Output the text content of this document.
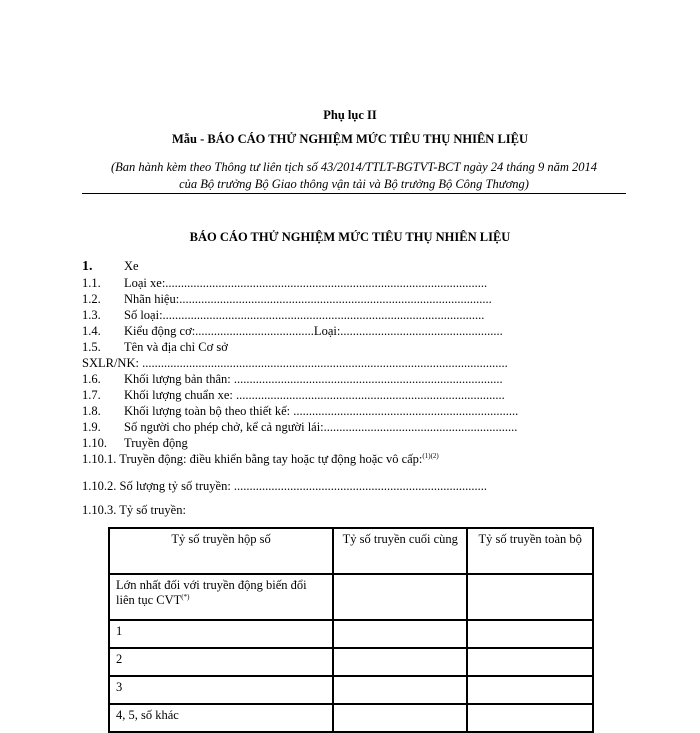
Phụ lục II
Mẫu - BÁO CÁO THỬ NGHIỆM MỨC TIÊU THỤ NHIÊN LIỆU
(Ban hành kèm theo Thông tư liên tịch số 43/2014/TTLT-BGTVT-BCT ngày 24 tháng 9 năm 2014
của Bộ trưởng Bộ Giao thông vận tải và Bộ trưởng Bộ Công Thương)
BÁO CÁO THỬ NGHIỆM MỨC TIÊU THỤ NHIÊN LIỆU
1.	Xe
1.1. Loại xe:.......................................................................................................
1.2. Nhãn hiệu:....................................................................................................
1.3. Số loại:.......................................................................................................
1.4. Kiểu động cơ:......................................Loại:....................................................
1.5. Tên và địa chỉ Cơ sở
SXLR/NK: .....................................................................................................................
1.6. Khối lượng bản thân: ......................................................................................
1.7. Khối lượng chuẩn xe: ......................................................................................
1.8. Khối lượng toàn bộ theo thiết kế: ........................................................................
1.9. Số người cho phép chở, kể cả người lái:..............................................................
1.10. Truyền động
1.10.1. Truyền động: điều khiển bằng tay hoặc tự động hoặc vô cấp:$^{(1)(2)}$
1.10.2. Số lượng tỷ số truyền: .................................................................................
1.10.3. Tỷ số truyền:
Tỷ số truyền hộp số	Tỷ số truyền cuối cùng	Tỷ số truyền toàn bộ
Lớn nhất đối với truyền động biến đổi liên tục CVT(*)		
1		
2		
3		
4, 5, số khác		
